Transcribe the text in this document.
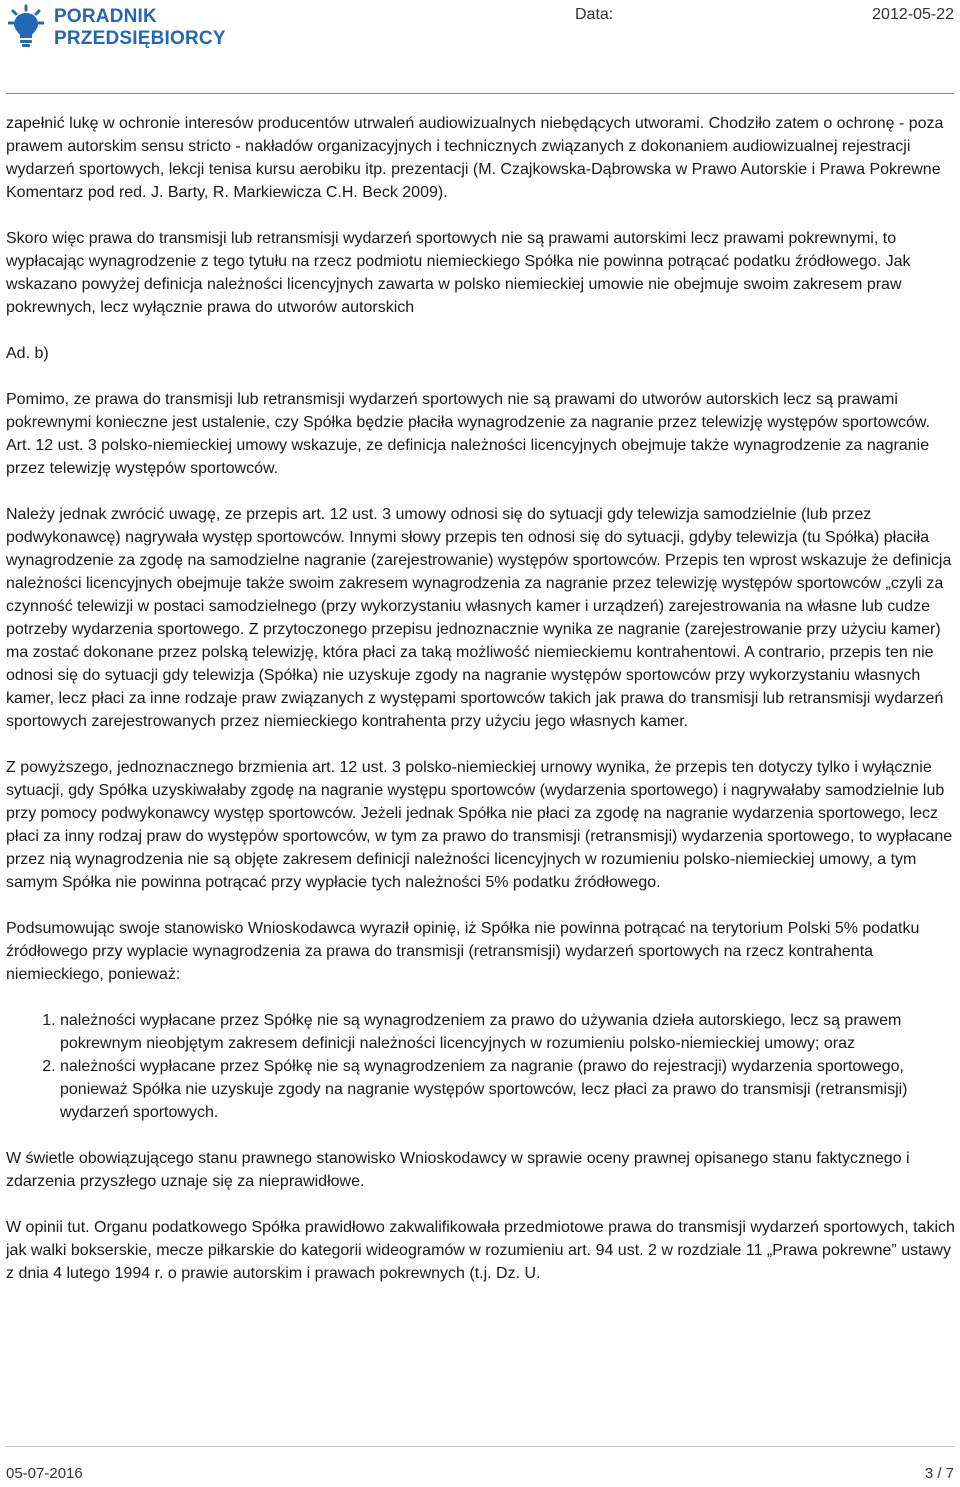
PORADNIK
PRZEDSIĘBIORCY
Data:	2012-05-22

zapełnić lukę w ochronie interesów producentów utrwaleń audiowizualnych niebędących utworami. Chodziło zatem o ochronę - poza prawem autorskim sensu stricto - nakładów organizacyjnych i technicznych związanych z dokonaniem audiowizualnej rejestracji wydarzeń sportowych, lekcji tenisa kursu aerobiku itp. prezentacji (M. Czajkowska-Dąbrowska w Prawo Autorskie i Prawa Pokrewne Komentarz pod red. J. Barty, R. Markiewicza C.H. Beck 2009).

Skoro więc prawa do transmisji lub retransmisji wydarzeń sportowych nie są prawami autorskimi lecz prawami pokrewnymi, to wypłacając wynagrodzenie z tego tytułu na rzecz podmiotu niemieckiego Spółka nie powinna potrącać podatku źródłowego. Jak wskazano powyżej definicja należności licencyjnych zawarta w polsko niemieckiej umowie nie obejmuje swoim zakresem praw pokrewnych, lecz wyłącznie prawa do utworów autorskich

Ad. b)

Pomimo, ze prawa do transmisji lub retransmisji wydarzeń sportowych nie są prawami do utworów autorskich lecz są prawami pokrewnymi konieczne jest ustalenie, czy Spółka będzie płaciła wynagrodzenie za nagranie przez telewizję występów sportowców. Art. 12 ust. 3 polsko-niemieckiej umowy wskazuje, ze definicja należności licencyjnych obejmuje także wynagrodzenie za nagranie przez telewizję występów sportowców.

Należy jednak zwrócić uwagę, ze przepis art. 12 ust. 3 umowy odnosi się do sytuacji gdy telewizja samodzielnie (lub przez podwykonawcę) nagrywała występ sportowców. Innymi słowy przepis ten odnosi się do sytuacji, gdyby telewizja (tu Spółka) płaciła wynagrodzenie za zgodę na samodzielne nagranie (zarejestrowanie) występów sportowców. Przepis ten wprost wskazuje że definicja należności licencyjnych obejmuje także swoim zakresem wynagrodzenia za nagranie przez telewizję występów sportowców „czyli za czynność telewizji w postaci samodzielnego (przy wykorzystaniu własnych kamer i urządzeń) zarejestrowania na własne lub cudze potrzeby wydarzenia sportowego. Z przytoczonego przepisu jednoznacznie wynika ze nagranie (zarejestrowanie przy użyciu kamer) ma zostać dokonane przez polską telewizję, która płaci za taką możliwość niemieckiemu kontrahentowi. A contrario, przepis ten nie odnosi się do sytuacji gdy telewizja (Spółka) nie uzyskuje zgody na nagranie występów sportowców przy wykorzystaniu własnych kamer, lecz płaci za inne rodzaje praw związanych z występami sportowców takich jak prawa do transmisji lub retransmisji wydarzeń sportowych zarejestrowanych przez niemieckiego kontrahenta przy użyciu jego własnych kamer.

Z powyższego, jednoznacznego brzmienia art. 12 ust. 3 polsko-niemieckiej urnowy wynika, że przepis ten dotyczy tylko i wyłącznie sytuacji, gdy Spółka uzyskiwałaby zgodę na nagranie występu sportowców (wydarzenia sportowego) i nagrywałaby samodzielnie lub przy pomocy podwykonawcy występ sportowców. Jeżeli jednak Spółka nie płaci za zgodę na nagranie wydarzenia sportowego, lecz płaci za inny rodzaj praw do występów sportowców, w tym za prawo do transmisji (retransmisji) wydarzenia sportowego, to wypłacane przez nią wynagrodzenia nie są objęte zakresem definicji należności licencyjnych w rozumieniu polsko-niemieckiej umowy, a tym samym Spółka nie powinna potrącać przy wypłacie tych należności 5% podatku źródłowego.

Podsumowując swoje stanowisko Wnioskodawca wyraził opinię, iż Spółka nie powinna potrącać na terytorium Polski 5% podatku źródłowego przy wyplacie wynagrodzenia za prawa do transmisji (retransmisji) wydarzeń sportowych na rzecz kontrahenta niemieckiego, ponieważ:

1. należności wypłacane przez Spółkę nie są wynagrodzeniem za prawo do używania dzieła autorskiego, lecz są prawem pokrewnym nieobjętym zakresem definicji należności licencyjnych w rozumieniu polsko-niemieckiej umowy; oraz
2. należności wypłacane przez Spółkę nie są wynagrodzeniem za nagranie (prawo do rejestracji) wydarzenia sportowego, ponieważ Spółka nie uzyskuje zgody na nagranie występów sportowców, lecz płaci za prawo do transmisji (retransmisji) wydarzeń sportowych.

W świetle obowiązującego stanu prawnego stanowisko Wnioskodawcy w sprawie oceny prawnej opisanego stanu faktycznego i zdarzenia przyszłego uznaje się za nieprawidłowe.

W opinii tut. Organu podatkowego Spółka prawidłowo zakwalifikowała przedmiotowe prawa do transmisji wydarzeń sportowych, takich jak walki bokserskie, mecze piłkarskie do kategorii wideogramów w rozumieniu art. 94 ust. 2 w rozdziale 11 „Prawa pokrewne” ustawy z dnia 4 lutego 1994 r. o prawie autorskim i prawach pokrewnych (t.j. Dz. U.

05-07-2016	3 / 7
